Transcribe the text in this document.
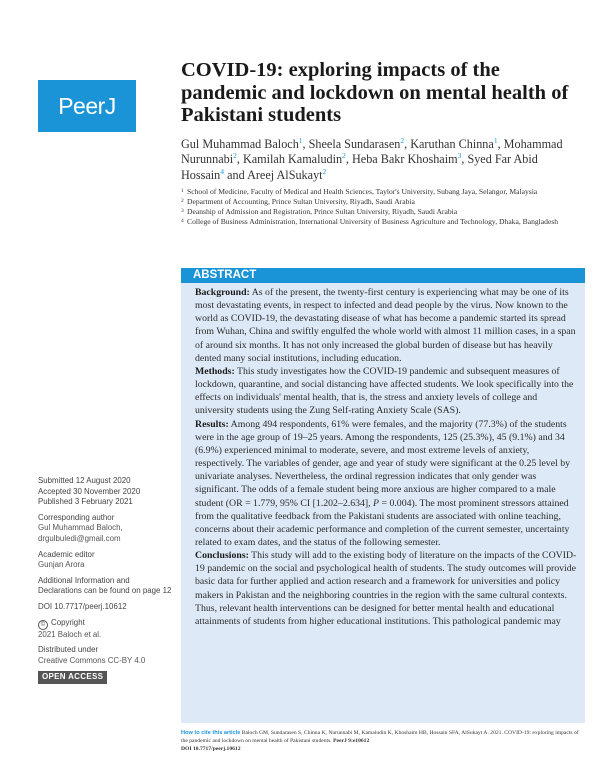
PeerJ
COVID-19: exploring impacts of the pandemic and lockdown on mental health of Pakistani students
Gul Muhammad Baloch$^1$, Sheela Sundarasen$^2$, Karuthan Chinna$^1$, Mohammad Nurunnabi$^2$, Kamilah Kamaludin$^2$, Heba Bakr Khoshaim$^3$, Syed Far Abid Hossain$^4$ and Areej AlSukayt$^2$
1 School of Medicine, Faculty of Medical and Health Sciences, Taylor's University, Subang Jaya, Selangor, Malaysia
2 Department of Accounting, Prince Sultan University, Riyadh, Saudi Arabia
3 Deanship of Admission and Registration, Prince Sultan University, Riyadh, Saudi Arabia
4 College of Business Administration, International University of Business Agriculture and Technology, Dhaka, Bangladesh
ABSTRACT

Background: As of the present, the twenty-first century is experiencing what may be one of its most devastating events, in respect to infected and dead people by the virus. Now known to the world as COVID-19, the devastating disease of what has become a pandemic started its spread from Wuhan, China and swiftly engulfed the whole world with almost 11 million cases, in a span of around six months. It has not only increased the global burden of disease but has heavily dented many social institutions, including education.

Methods: This study investigates how the COVID-19 pandemic and subsequent measures of lockdown, quarantine, and social distancing have affected students. We look specifically into the effects on individuals' mental health, that is, the stress and anxiety levels of college and university students using the Zung Self-rating Anxiety Scale (SAS).

Results: Among 494 respondents, 61% were females, and the majority (77.3%) of the students were in the age group of 19–25 years. Among the respondents, 125 (25.3%), 45 (9.1%) and 34 (6.9%) experienced minimal to moderate, severe, and most extreme levels of anxiety, respectively. The variables of gender, age and year of study were significant at the 0.25 level by univariate analyses. Nevertheless, the ordinal regression indicates that only gender was significant. The odds of a female student being more anxious are higher compared to a male student (OR = 1.779, 95% CI [1.202–2.634], P = 0.004). The most prominent stressors attained from the qualitative feedback from the Pakistani students are associated with online teaching, concerns about their academic performance and completion of the current semester, uncertainty related to exam dates, and the status of the following semester.

Conclusions: This study will add to the existing body of literature on the impacts of the COVID-19 pandemic on the social and psychological health of students. The study outcomes will provide basic data for further applied and action research and a framework for universities and policy makers in Pakistan and the neighboring countries in the region with the same cultural contexts. Thus, relevant health interventions can be designed for better mental health and educational attainments of students from higher educational institutions. This pathological pandemic may

Submitted 12 August 2020
Accepted 30 November 2020
Published 3 February 2021
Corresponding author
Gul Muhammad Baloch,
drgulbuledi@gmail.com
Academic editor
Gunjan Arora
Additional Information and Declarations can be found on page 12
DOI 10.7717/peerj.10612
© Copyright
2021 Baloch et al.
Distributed under
Creative Commons CC-BY 4.0
OPEN ACCESS
How to cite this article Baloch GM, Sundarasen S, Chinna K, Nurunnabi M, Kamaludin K, Khoshaim HB, Hossain SFA, AlSukayt A. 2021. COVID-19: exploring impacts of the pandemic and lockdown on mental health of Pakistani students. PeerJ 9:e10612
DOI 10.7717/peerj.10612
